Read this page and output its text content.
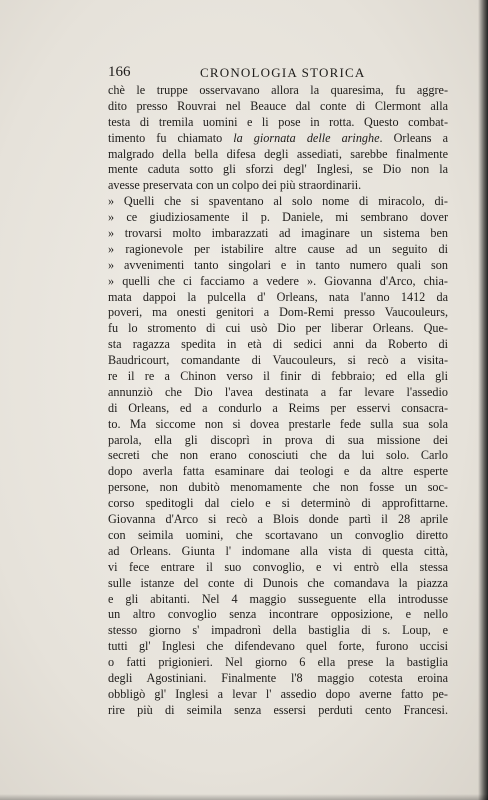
166	CRONOLOGIA STORICA
chè le truppe osservavano allora la quaresima, fu aggre-
dito presso Rouvrai nel Beauce dal conte di Clermont alla
testa di tremila uomini e li pose in rotta. Questo combat-
timento fu chiamato la giornata delle aringhe. Orleans a
malgrado della bella difesa degli assediati, sarebbe finalmente
mente caduta sotto gli sforzi degl' Inglesi, se Dio non la
avesse preservata con un colpo dei più straordinarii.
» Quelli che si spaventano al solo nome di miracolo, di-
» ce giudiziosamente il p. Daniele, mi sembrano dover
» trovarsi molto imbarazzati ad imaginare un sistema ben
» ragionevole per istabilire altre cause ad un seguito di
» avvenimenti tanto singolari e in tanto numero quali son
» quelli che ci facciamo a vedere ». Giovanna d'Arco, chia-
mata dappoi la pulcella d' Orleans, nata l'anno 1412 da
poveri, ma onesti genitori a Dom-Remi presso Vaucouleurs,
fu lo stromento di cui usò Dio per liberar Orleans. Que-
sta ragazza spedita in età di sedici anni da Roberto di
Baudricourt, comandante di Vaucouleurs, si recò a visita-
re il re a Chinon verso il finir di febbraio; ed ella gli
annunziò che Dio l'avea destinata a far levare l'assedio
di Orleans, ed a condurlo a Reims per esservi consacra-
to. Ma siccome non si dovea prestarle fede sulla sua sola
parola, ella gli discoprì in prova di sua missione dei
secreti che non erano conosciuti che da lui solo. Carlo
dopo averla fatta esaminare dai teologi e da altre esperte
persone, non dubitò menomamente che non fosse un soc-
corso speditogli dal cielo e si determinò di approfittarne.
Giovanna d'Arco si recò a Blois donde partì il 28 aprile
con seimila uomini, che scortavano un convoglio diretto
ad Orleans. Giunta l' indomane alla vista di questa città,
vi fece entrare il suo convoglio, e vi entrò ella stessa
sulle istanze del conte di Dunois che comandava la piazza
e gli abitanti. Nel 4 maggio susseguente ella introdusse
un altro convoglio senza incontrare opposizione, e nello
stesso giorno s' impadronì della bastiglia di s. Loup, e
tutti gl' Inglesi che difendevano quel forte, furono uccisi
o fatti prigionieri. Nel giorno 6 ella prese la bastiglia
degli Agostiniani. Finalmente l'8 maggio cotesta eroina
obbligò gl' Inglesi a levar l' assedio dopo averne fatto pe-
rire più di seimila senza essersi perduti cento Francesi.
